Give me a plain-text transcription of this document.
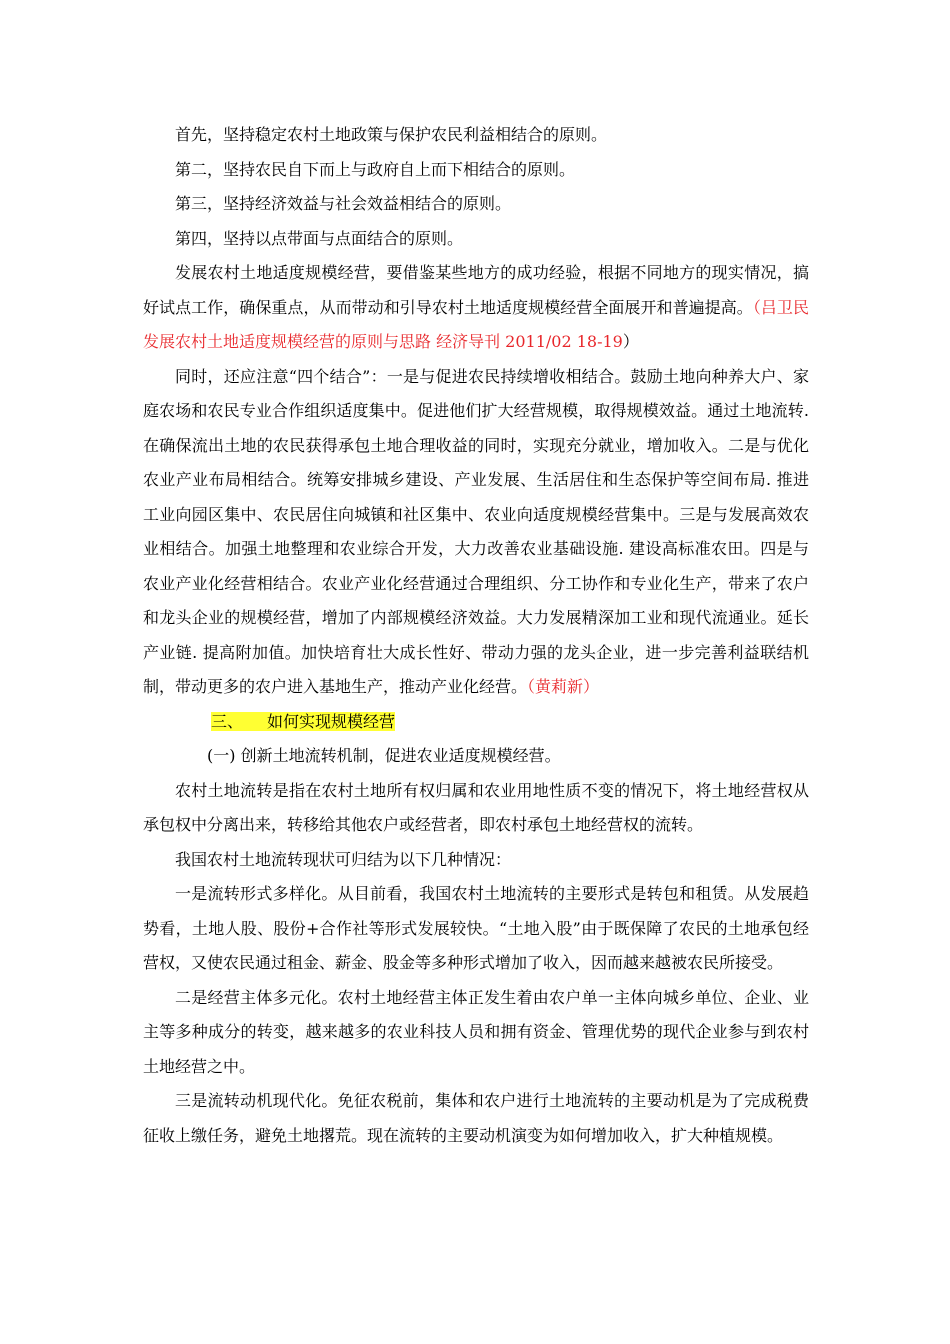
首先，坚持稳定农村土地政策与保护农民利益相结合的原则。

第二，坚持农民自下而上与政府自上而下相结合的原则。

第三，坚持经济效益与社会效益相结合的原则。

第四，坚持以点带面与点面结合的原则。

发展农村土地适度规模经营，要借鉴某些地方的成功经验，根据不同地方的现实情况，搞好试点工作，确保重点，从而带动和引导农村土地适度规模经营全面展开和普遍提高。（吕卫民 发展农村土地适度规模经营的原则与思路 经济导刊 2011/02 18-19）

同时，还应注意“四个结合”：一是与促进农民持续增收相结合。鼓励土地向种养大户、家庭农场和农民专业合作组织适度集中。促进他们扩大经营规模，取得规模效益。通过土地流转. 在确保流出土地的农民获得承包土地合理收益的同时，实现充分就业，增加收入。二是与优化农业产业布局相结合。统筹安排城乡建设、产业发展、生活居住和生态保护等空间布局. 推进工业向园区集中、农民居住向城镇和社区集中、农业向适度规模经营集中。三是与发展高效农业相结合。加强土地整理和农业综合开发，大力改善农业基础设施. 建设高标准农田。四是与农业产业化经营相结合。农业产业化经营通过合理组织、分工协作和专业化生产，带来了农户和龙头企业的规模经营，增加了内部规模经济效益。大力发展精深加工业和现代流通业。延长产业链. 提高附加值。加快培育壮大成长性好、带动力强的龙头企业，进一步完善利益联结机制，带动更多的农户进入基地生产，推动产业化经营。（黄莉新）

三、 如何实现规模经营

(一) 创新土地流转机制，促进农业适度规模经营。

农村土地流转是指在农村土地所有权归属和农业用地性质不变的情况下，将土地经营权从承包权中分离出来，转移给其他农户或经营者，即农村承包土地经营权的流转。

我国农村土地流转现状可归结为以下几种情况：

一是流转形式多样化。从目前看，我国农村土地流转的主要形式是转包和租赁。从发展趋势看，土地人股、股份+合作社等形式发展较快。“土地入股”由于既保障了农民的土地承包经营权，又使农民通过租金、薪金、股金等多种形式增加了收入，因而越来越被农民所接受。

二是经营主体多元化。农村土地经营主体正发生着由农户单一主体向城乡单位、企业、业主等多种成分的转变，越来越多的农业科技人员和拥有资金、管理优势的现代企业参与到农村土地经营之中。

三是流转动机现代化。免征农税前，集体和农户进行土地流转的主要动机是为了完成税费征收上缴任务，避免土地撂荒。现在流转的主要动机演变为如何增加收入，扩大种植规模。
